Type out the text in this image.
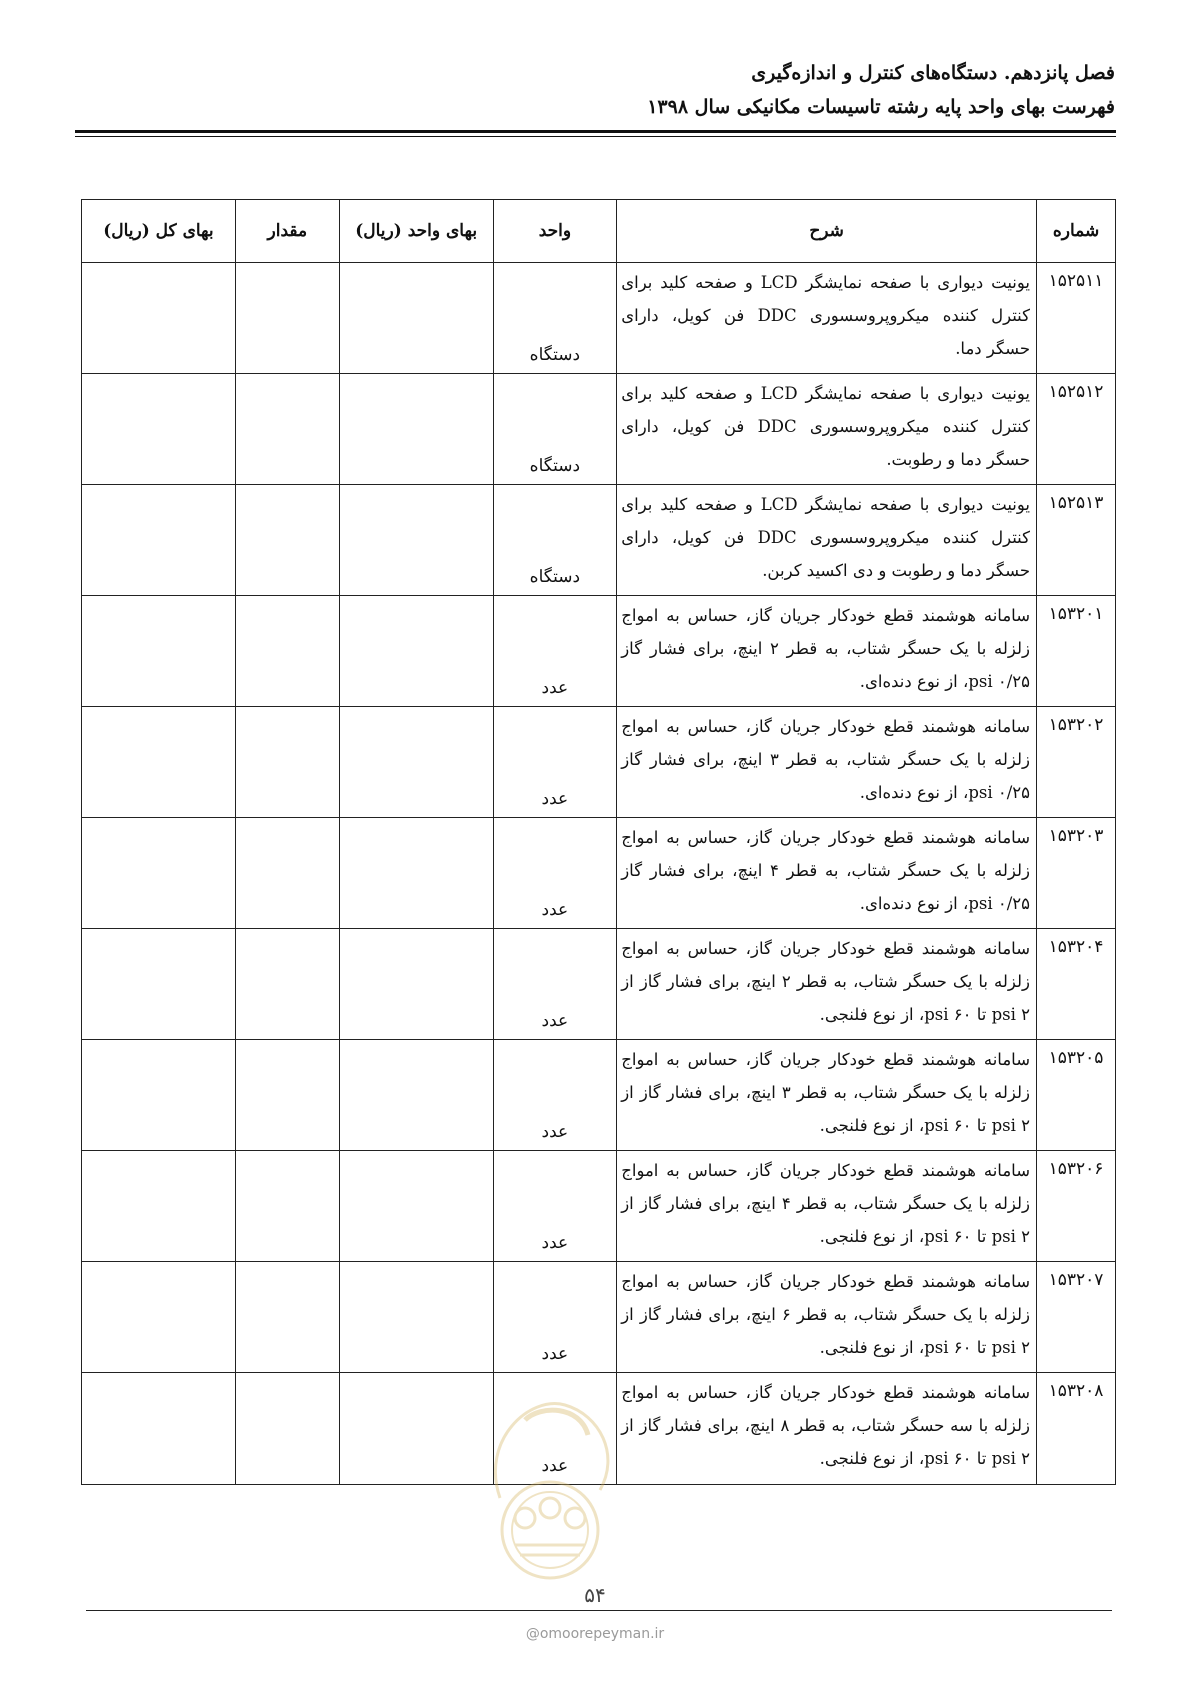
فصل پانزدهم. دستگاه‌های کنترل و اندازه‌گیری
فهرست بهای واحد پایه رشته تاسیسات مکانیکی سال ۱۳۹۸
شماره	شرح	واحد	بهای واحد (ریال)	مقدار	بهای کل (ریال)
۱۵۲۵۱۱	یونیت دیواری با صفحه نمایشگر LCD و صفحه کلید برای کنترل کننده میکروپروسسوری DDC فن کویل، دارای حسگر دما.	دستگاه			
۱۵۲۵۱۲	یونیت دیواری با صفحه نمایشگر LCD و صفحه کلید برای کنترل کننده میکروپروسسوری DDC فن کویل، دارای حسگر دما و رطوبت.	دستگاه			
۱۵۲۵۱۳	یونیت دیواری با صفحه نمایشگر LCD و صفحه کلید برای کنترل کننده میکروپروسسوری DDC فن کویل، دارای حسگر دما و رطوبت و دی اکسید کربن.	دستگاه			
۱۵۳۲۰۱	سامانه هوشمند قطع خودکار جریان گاز، حساس به امواج زلزله با یک حسگر شتاب، به قطر ۲ اینچ، برای فشار گاز psi ۰/۲۵، از نوع دنده‌ای.	عدد			
۱۵۳۲۰۲	سامانه هوشمند قطع خودکار جریان گاز، حساس به امواج زلزله با یک حسگر شتاب، به قطر ۳ اینچ، برای فشار گاز psi ۰/۲۵، از نوع دنده‌ای.	عدد			
۱۵۳۲۰۳	سامانه هوشمند قطع خودکار جریان گاز، حساس به امواج زلزله با یک حسگر شتاب، به قطر ۴ اینچ، برای فشار گاز psi ۰/۲۵، از نوع دنده‌ای.	عدد			
۱۵۳۲۰۴	سامانه هوشمند قطع خودکار جریان گاز، حساس به امواج زلزله با یک حسگر شتاب، به قطر ۲ اینچ، برای فشار گاز از psi ۲ تا psi ۶۰، از نوع فلنجی.	عدد			
۱۵۳۲۰۵	سامانه هوشمند قطع خودکار جریان گاز، حساس به امواج زلزله با یک حسگر شتاب، به قطر ۳ اینچ، برای فشار گاز از psi ۲ تا psi ۶۰، از نوع فلنجی.	عدد			
۱۵۳۲۰۶	سامانه هوشمند قطع خودکار جریان گاز، حساس به امواج زلزله با یک حسگر شتاب، به قطر ۴ اینچ، برای فشار گاز از psi ۲ تا psi ۶۰، از نوع فلنجی.	عدد			
۱۵۳۲۰۷	سامانه هوشمند قطع خودکار جریان گاز، حساس به امواج زلزله با یک حسگر شتاب، به قطر ۶ اینچ، برای فشار گاز از psi ۲ تا psi ۶۰، از نوع فلنجی.	عدد			
۱۵۳۲۰۸	سامانه هوشمند قطع خودکار جریان گاز، حساس به امواج زلزله با سه حسگر شتاب، به قطر ۸ اینچ، برای فشار گاز از psi ۲ تا psi ۶۰، از نوع فلنجی.	عدد			
۵۴
@omoorepeyman.ir
